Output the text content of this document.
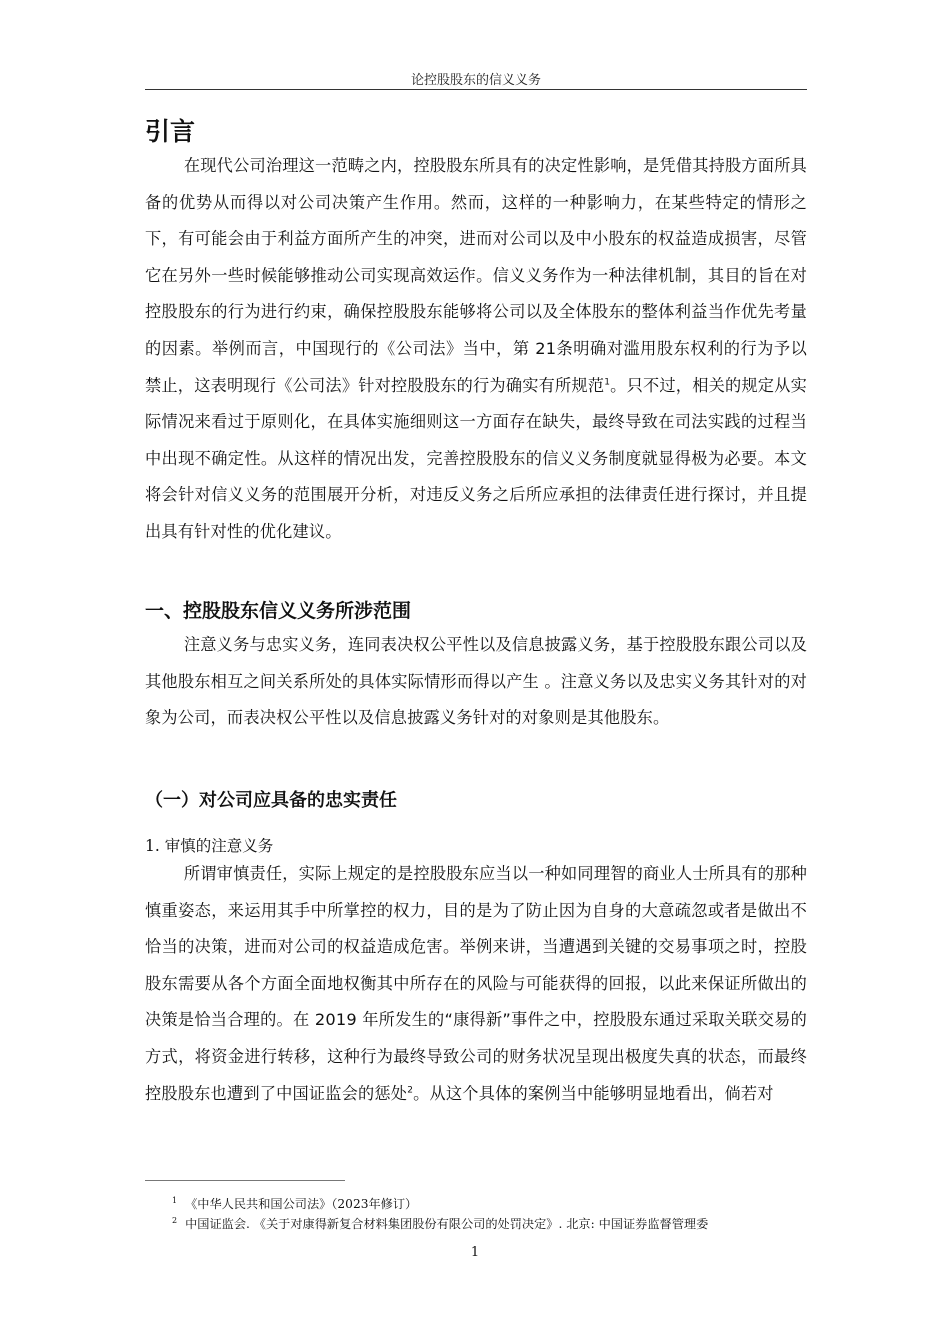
论控股股东的信义义务
引言

在现代公司治理这一范畴之内，控股股东所具有的决定性影响，是凭借其持股方面所具备的优势从而得以对公司决策产生作用。然而，这样的一种影响力，在某些特定的情形之下，有可能会由于利益方面所产生的冲突，进而对公司以及中小股东的权益造成损害，尽管它在另外一些时候能够推动公司实现高效运作。信义义务作为一种法律机制，其目的旨在对控股股东的行为进行约束，确保控股股东能够将公司以及全体股东的整体利益当作优先考量的因素。举例而言，中国现行的《公司法》当中，第 21条明确对滥用股东权利的行为予以禁止，这表明现行《公司法》针对控股股东的行为确实有所规范$^1$。只不过，相关的规定从实际情况来看过于原则化，在具体实施细则这一方面存在缺失，最终导致在司法实践的过程当中出现不确定性。从这样的情况出发，完善控股股东的信义义务制度就显得极为必要。本文将会针对信义义务的范围展开分析，对违反义务之后所应承担的法律责任进行探讨，并且提出具有针对性的优化建议。

一、控股股东信义义务所涉范围

注意义务与忠实义务，连同表决权公平性以及信息披露义务，基于控股股东跟公司以及其他股东相互之间关系所处的具体实际情形而得以产生 。注意义务以及忠实义务其针对的对象为公司，而表决权公平性以及信息披露义务针对的对象则是其他股东。

（一）对公司应具备的忠实责任
1. 审慎的注意义务

所谓审慎责任，实际上规定的是控股股东应当以一种如同理智的商业人士所具有的那种慎重姿态，来运用其手中所掌控的权力，目的是为了防止因为自身的大意疏忽或者是做出不恰当的决策，进而对公司的权益造成危害。举例来讲，当遭遇到关键的交易事项之时，控股股东需要从各个方面全面地权衡其中所存在的风险与可能获得的回报，以此来保证所做出的决策是恰当合理的。在 2019 年所发生的“康得新”事件之中，控股股东通过采取关联交易的方式，将资金进行转移，这种行为最终导致公司的财务状况呈现出极度失真的状态，而最终控股股东也遭到了中国证监会的惩处$^2$。从这个具体的案例当中能够明显地看出，倘若对

$^1$ 《中华人民共和国公司法》（2023年修订）
$^2$ 中国证监会. 《关于对康得新复合材料集团股份有限公司的处罚决定》. 北京: 中国证券监督管理委
1
